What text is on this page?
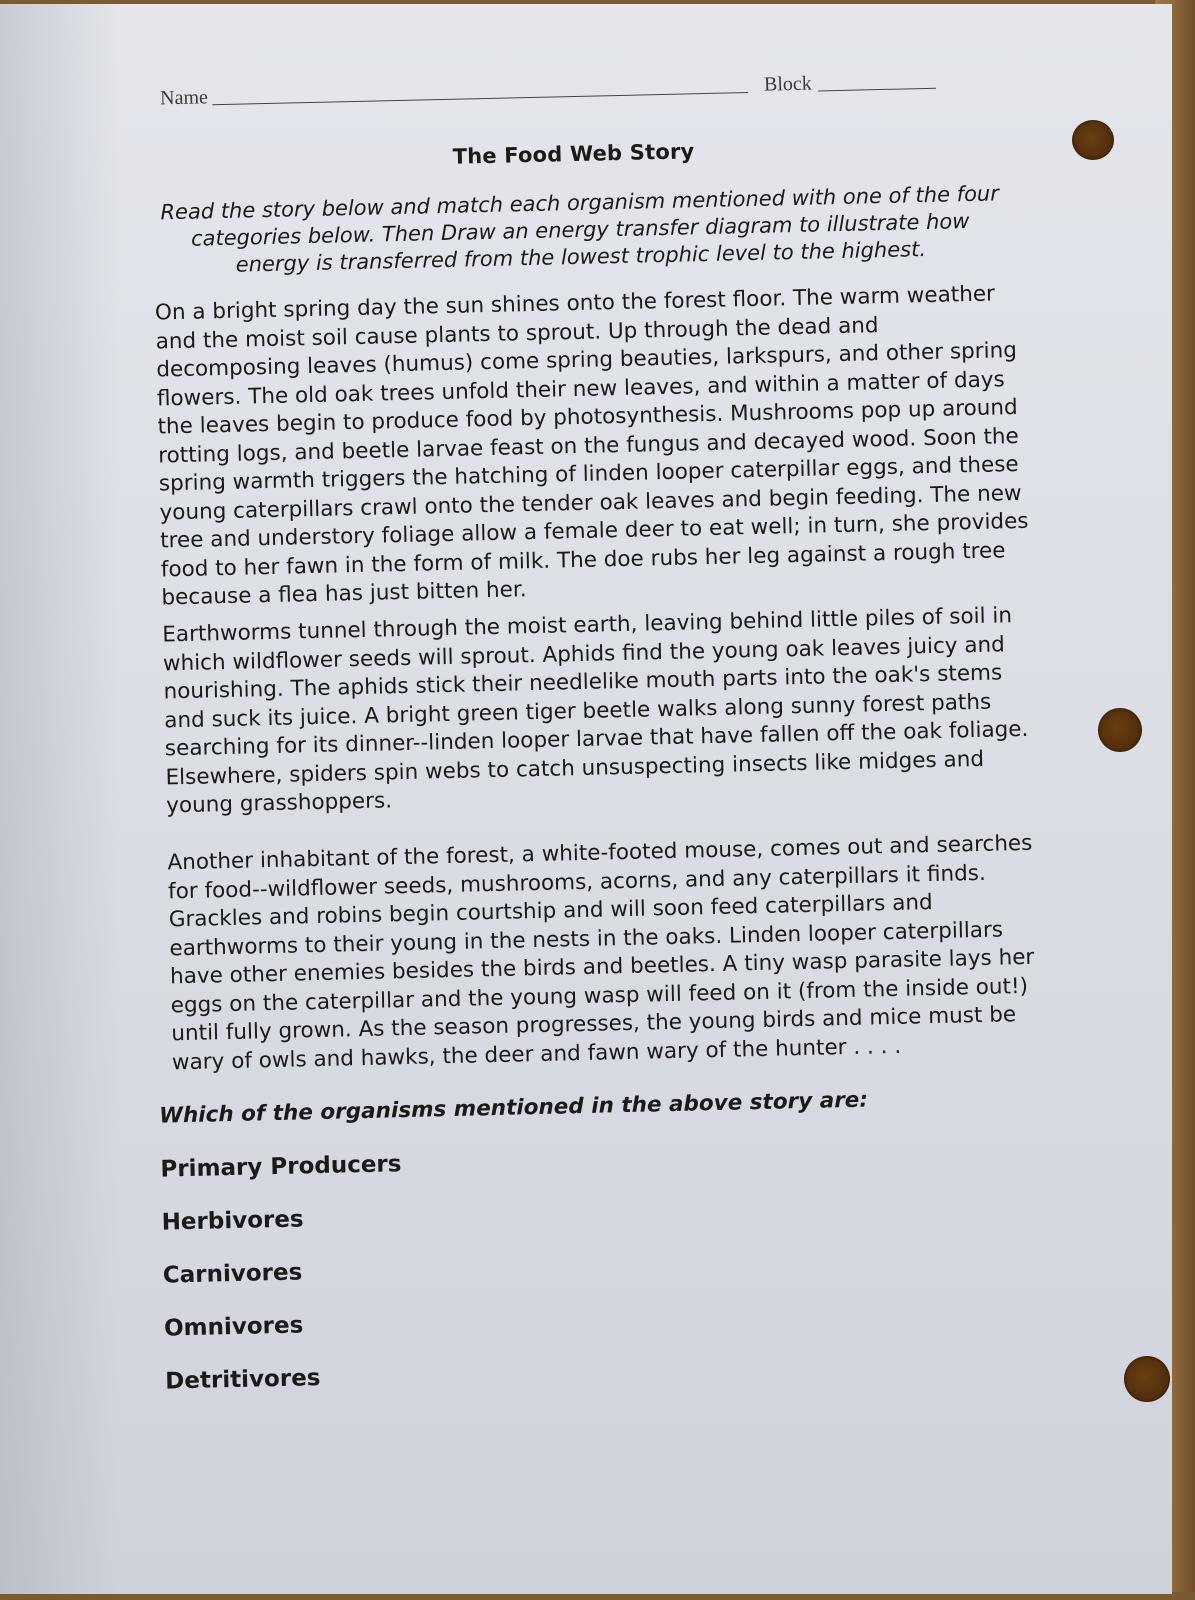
Name
Block
The Food Web Story
Read the story below and match each organism mentioned with one of the four categories below. Then Draw an energy transfer diagram to illustrate how energy is transferred from the lowest trophic level to the highest.

On a bright spring day the sun shines onto the forest floor. The warm weather and the moist soil cause plants to sprout. Up through the dead and decomposing leaves (humus) come spring beauties, larkspurs, and other spring flowers. The old oak trees unfold their new leaves, and within a matter of days the leaves begin to produce food by photosynthesis. Mushrooms pop up around rotting logs, and beetle larvae feast on the fungus and decayed wood. Soon the spring warmth triggers the hatching of linden looper caterpillar eggs, and these young caterpillars crawl onto the tender oak leaves and begin feeding. The new tree and understory foliage allow a female deer to eat well; in turn, she provides food to her fawn in the form of milk. The doe rubs her leg against a rough tree because a flea has just bitten her.

Earthworms tunnel through the moist earth, leaving behind little piles of soil in which wildflower seeds will sprout. Aphids find the young oak leaves juicy and nourishing. The aphids stick their needlelike mouth parts into the oak's stems and suck its juice. A bright green tiger beetle walks along sunny forest paths searching for its dinner--linden looper larvae that have fallen off the oak foliage. Elsewhere, spiders spin webs to catch unsuspecting insects like midges and young grasshoppers.

Another inhabitant of the forest, a white-footed mouse, comes out and searches for food--wildflower seeds, mushrooms, acorns, and any caterpillars it finds. Grackles and robins begin courtship and will soon feed caterpillars and earthworms to their young in the nests in the oaks. Linden looper caterpillars have other enemies besides the birds and beetles. A tiny wasp parasite lays her eggs on the caterpillar and the young wasp will feed on it (from the inside out!) until fully grown. As the season progresses, the young birds and mice must be wary of owls and hawks, the deer and fawn wary of the hunter . . . .

Which of the organisms mentioned in the above story are:
Primary Producers
Herbivores
Carnivores
Omnivores
Detritivores
